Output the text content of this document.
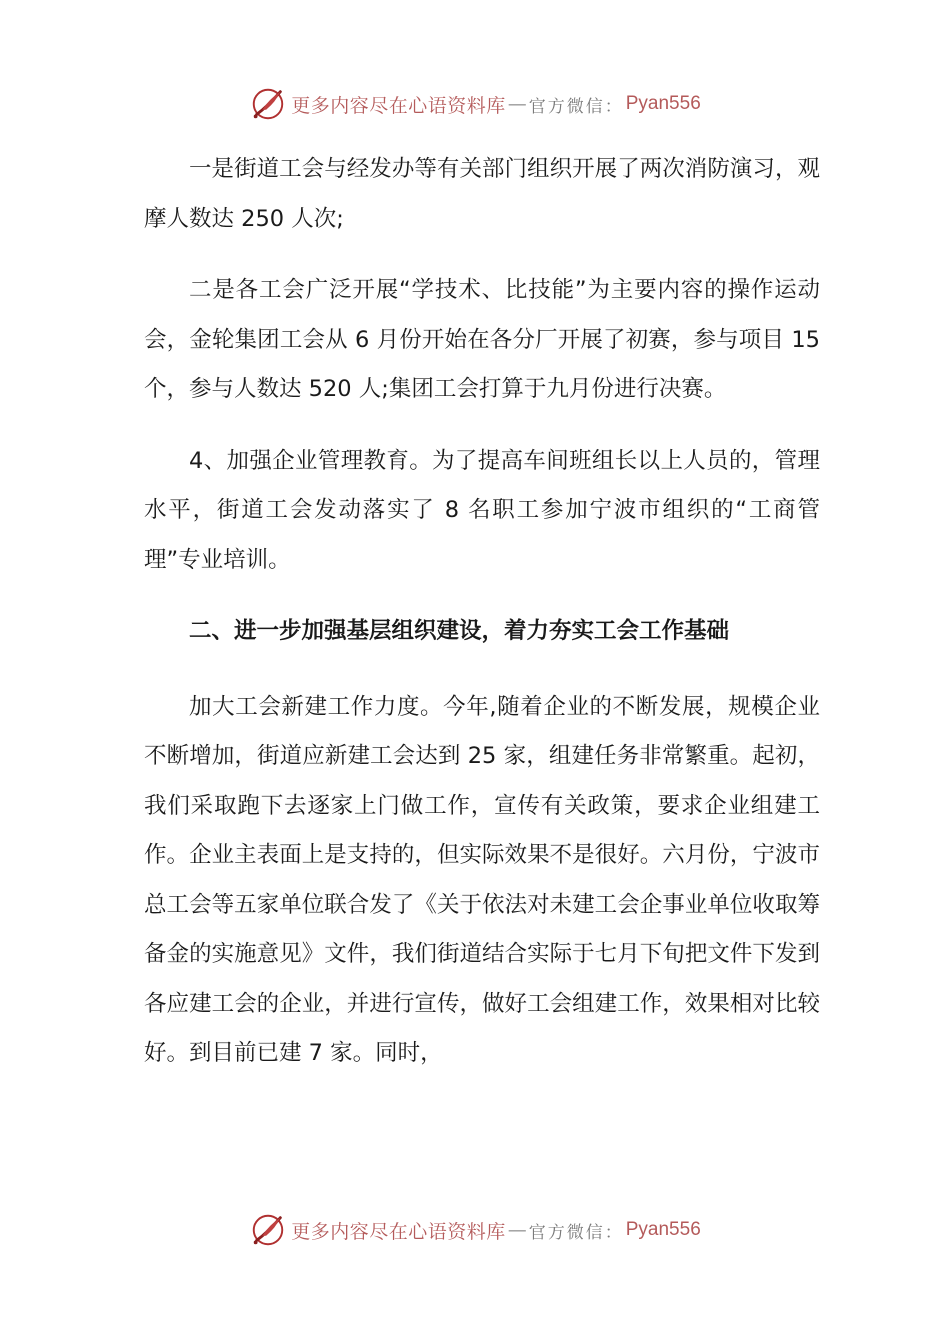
更多内容尽在心语资料库 — 官方微信： Pyan556

一是街道工会与经发办等有关部门组织开展了两次消防演习，观摩人数达 250 人次;

二是各工会广泛开展“学技术、比技能”为主要内容的操作运动会，金轮集团工会从 6 月份开始在各分厂开展了初赛，参与项目 15 个，参与人数达 520 人;集团工会打算于九月份进行决赛。

4、加强企业管理教育。为了提高车间班组长以上人员的，管理水平，街道工会发动落实了 8 名职工参加宁波市组织的“工商管理”专业培训。

二、进一步加强基层组织建设，着力夯实工会工作基础

加大工会新建工作力度。今年,随着企业的不断发展，规模企业不断增加，街道应新建工会达到 25 家，组建任务非常繁重。起初，我们采取跑下去逐家上门做工作，宣传有关政策，要求企业组建工作。企业主表面上是支持的，但实际效果不是很好。六月份，宁波市总工会等五家单位联合发了《关于依法对未建工会企事业单位收取筹备金的实施意见》文件，我们街道结合实际于七月下旬把文件下发到各应建工会的企业，并进行宣传，做好工会组建工作，效果相对比较好。到目前已建 7 家。同时，

更多内容尽在心语资料库 — 官方微信： Pyan556
